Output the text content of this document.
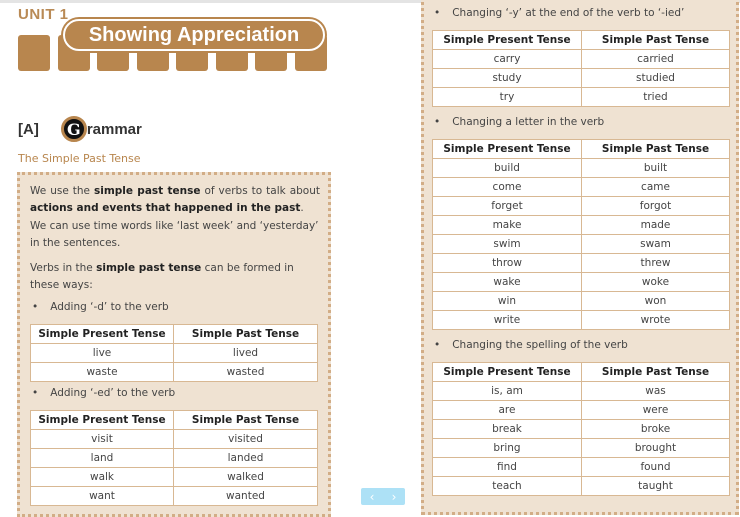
UNIT 1
Showing Appreciation
[A]	G rammar
The Simple Past Tense
We use the simple past tense of verbs to talk about actions and events that happened in the past.
We can use time words like ‘last week’ and ‘yesterday’ in the sentences.
Verbs in the simple past tense can be formed in these ways:
• Adding ‘-d’ to the verb
Simple Present Tense	Simple Past Tense
live	lived
waste	wasted
• Adding ‘-ed’ to the verb
Simple Present Tense	Simple Past Tense
visit	visited
land	landed
walk	walked
want	wanted
• Changing ‘-y’ at the end of the verb to ‘-ied’
Simple Present Tense	Simple Past Tense
carry	carried
study	studied
try	tried
• Changing a letter in the verb
Simple Present Tense	Simple Past Tense
build	built
come	came
forget	forgot
make	made
swim	swam
throw	threw
wake	woke
win	won
write	wrote
• Changing the spelling of the verb
Simple Present Tense	Simple Past Tense
is, am	was
are	were
break	broke
bring	brought
find	found
teach	taught
‹ ›
